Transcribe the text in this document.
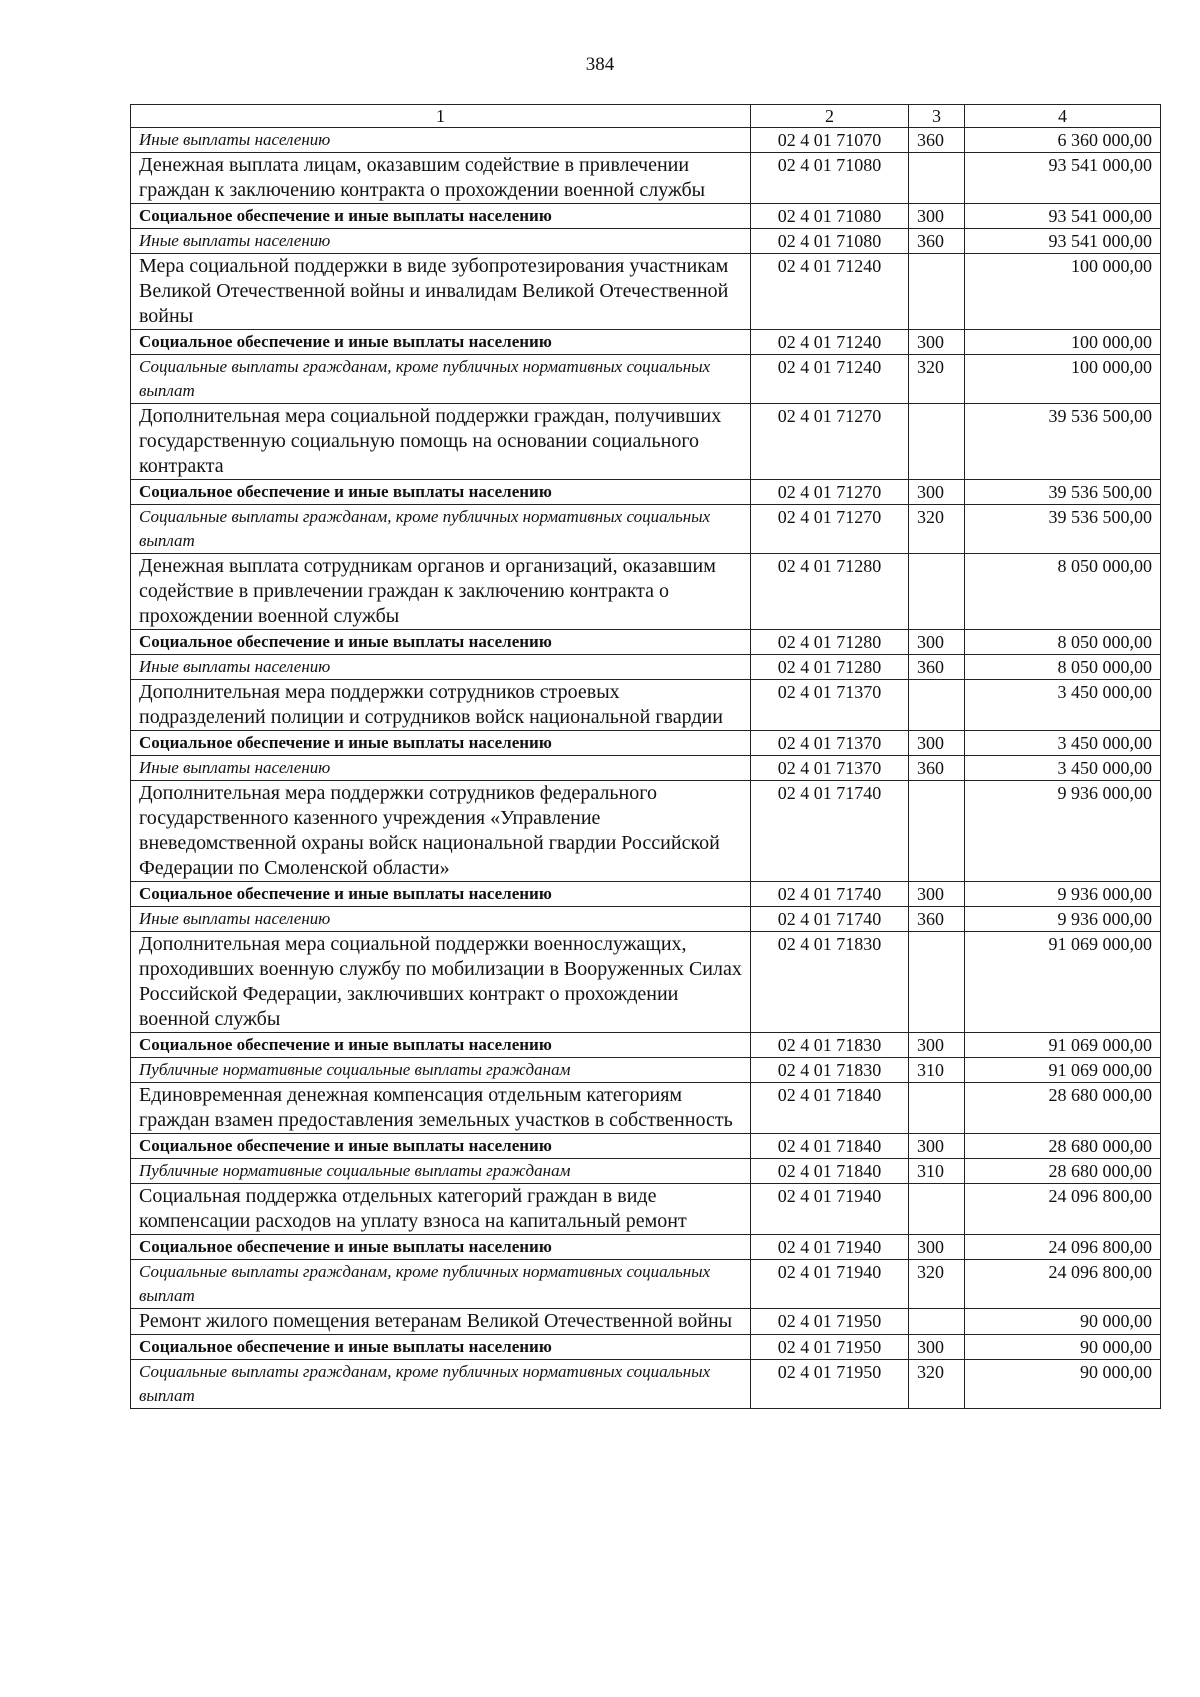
384
1	2	3	4
Иные выплаты населению	02 4 01 71070	360	6 360 000,00
Денежная выплата лицам, оказавшим содействие в привлечении граждан к заключению контракта о прохождении военной службы	02 4 01 71080		93 541 000,00
Социальное обеспечение и иные выплаты населению	02 4 01 71080	300	93 541 000,00
Иные выплаты населению	02 4 01 71080	360	93 541 000,00
Мера социальной поддержки в виде зубопротезирования участникам Великой Отечественной войны и инвалидам Великой Отечественной войны	02 4 01 71240		100 000,00
Социальное обеспечение и иные выплаты населению	02 4 01 71240	300	100 000,00
Социальные выплаты гражданам, кроме публичных нормативных социальных выплат	02 4 01 71240	320	100 000,00
Дополнительная мера социальной поддержки граждан, получивших государственную социальную помощь на основании социального контракта	02 4 01 71270		39 536 500,00
Социальное обеспечение и иные выплаты населению	02 4 01 71270	300	39 536 500,00
Социальные выплаты гражданам, кроме публичных нормативных социальных выплат	02 4 01 71270	320	39 536 500,00
Денежная выплата сотрудникам органов и организаций, оказавшим содействие в привлечении граждан к заключению контракта о прохождении военной службы	02 4 01 71280		8 050 000,00
Социальное обеспечение и иные выплаты населению	02 4 01 71280	300	8 050 000,00
Иные выплаты населению	02 4 01 71280	360	8 050 000,00
Дополнительная мера поддержки сотрудников строевых подразделений полиции и сотрудников войск национальной гвардии	02 4 01 71370		3 450 000,00
Социальное обеспечение и иные выплаты населению	02 4 01 71370	300	3 450 000,00
Иные выплаты населению	02 4 01 71370	360	3 450 000,00
Дополнительная мера поддержки сотрудников федерального государственного казенного учреждения «Управление вневедомственной охраны войск национальной гвардии Российской Федерации по Смоленской области»	02 4 01 71740		9 936 000,00
Социальное обеспечение и иные выплаты населению	02 4 01 71740	300	9 936 000,00
Иные выплаты населению	02 4 01 71740	360	9 936 000,00
Дополнительная мера социальной поддержки военнослужащих, проходивших военную службу по мобилизации в Вооруженных Силах Российской Федерации, заключивших контракт о прохождении военной службы	02 4 01 71830		91 069 000,00
Социальное обеспечение и иные выплаты населению	02 4 01 71830	300	91 069 000,00
Публичные нормативные социальные выплаты гражданам	02 4 01 71830	310	91 069 000,00
Единовременная денежная компенсация отдельным категориям граждан взамен предоставления земельных участков в собственность	02 4 01 71840		28 680 000,00
Социальное обеспечение и иные выплаты населению	02 4 01 71840	300	28 680 000,00
Публичные нормативные социальные выплаты гражданам	02 4 01 71840	310	28 680 000,00
Социальная поддержка отдельных категорий граждан в виде компенсации расходов на уплату взноса на капитальный ремонт	02 4 01 71940		24 096 800,00
Социальное обеспечение и иные выплаты населению	02 4 01 71940	300	24 096 800,00
Социальные выплаты гражданам, кроме публичных нормативных социальных выплат	02 4 01 71940	320	24 096 800,00
Ремонт жилого помещения ветеранам Великой Отечественной войны	02 4 01 71950		90 000,00
Социальное обеспечение и иные выплаты населению	02 4 01 71950	300	90 000,00
Социальные выплаты гражданам, кроме публичных нормативных социальных выплат	02 4 01 71950	320	90 000,00
